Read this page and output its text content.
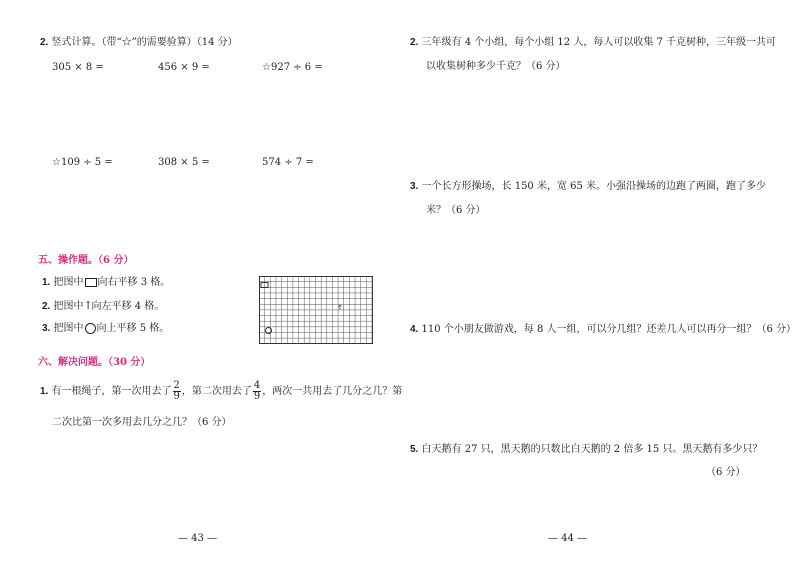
2. 竖式计算。（带“☆”的需要验算）（14 分）
305 × 8 =	456 × 9 =	☆927 ÷ 6 =
☆109 ÷ 5 =	308 × 5 =	574 ÷ 7 =
五、操作题。（6 分）
1. 把图中 向右平移 3 格。
2. 把图中↑向左平移 4 格。
3. 把图中 向上平移 5 格。
↑
六、解决问题。（30 分）
1. 有一根绳子，第一次用去了 $\frac{2}{9}$ ，第二次用去了 $\frac{4}{9}$ ，两次一共用去了几分之几？第
二次比第一次多用去几分之几？（6 分）
— 43 —
2. 三年级有 4 个小组，每个小组 12 人，每人可以收集 7 千克树种，三年级一共可
以收集树种多少千克？（6 分）
3. 一个长方形操场，长 150 米，宽 65 米。小强沿操场的边跑了两圈，跑了多少
米？（6 分）
4. 110 个小朋友做游戏，每 8 人一组，可以分几组？还差几人可以再分一组？（6 分）
5. 白天鹅有 27 只，黑天鹅的只数比白天鹅的 2 倍多 15 只。黑天鹅有多少只？
（6 分）
— 44 —
